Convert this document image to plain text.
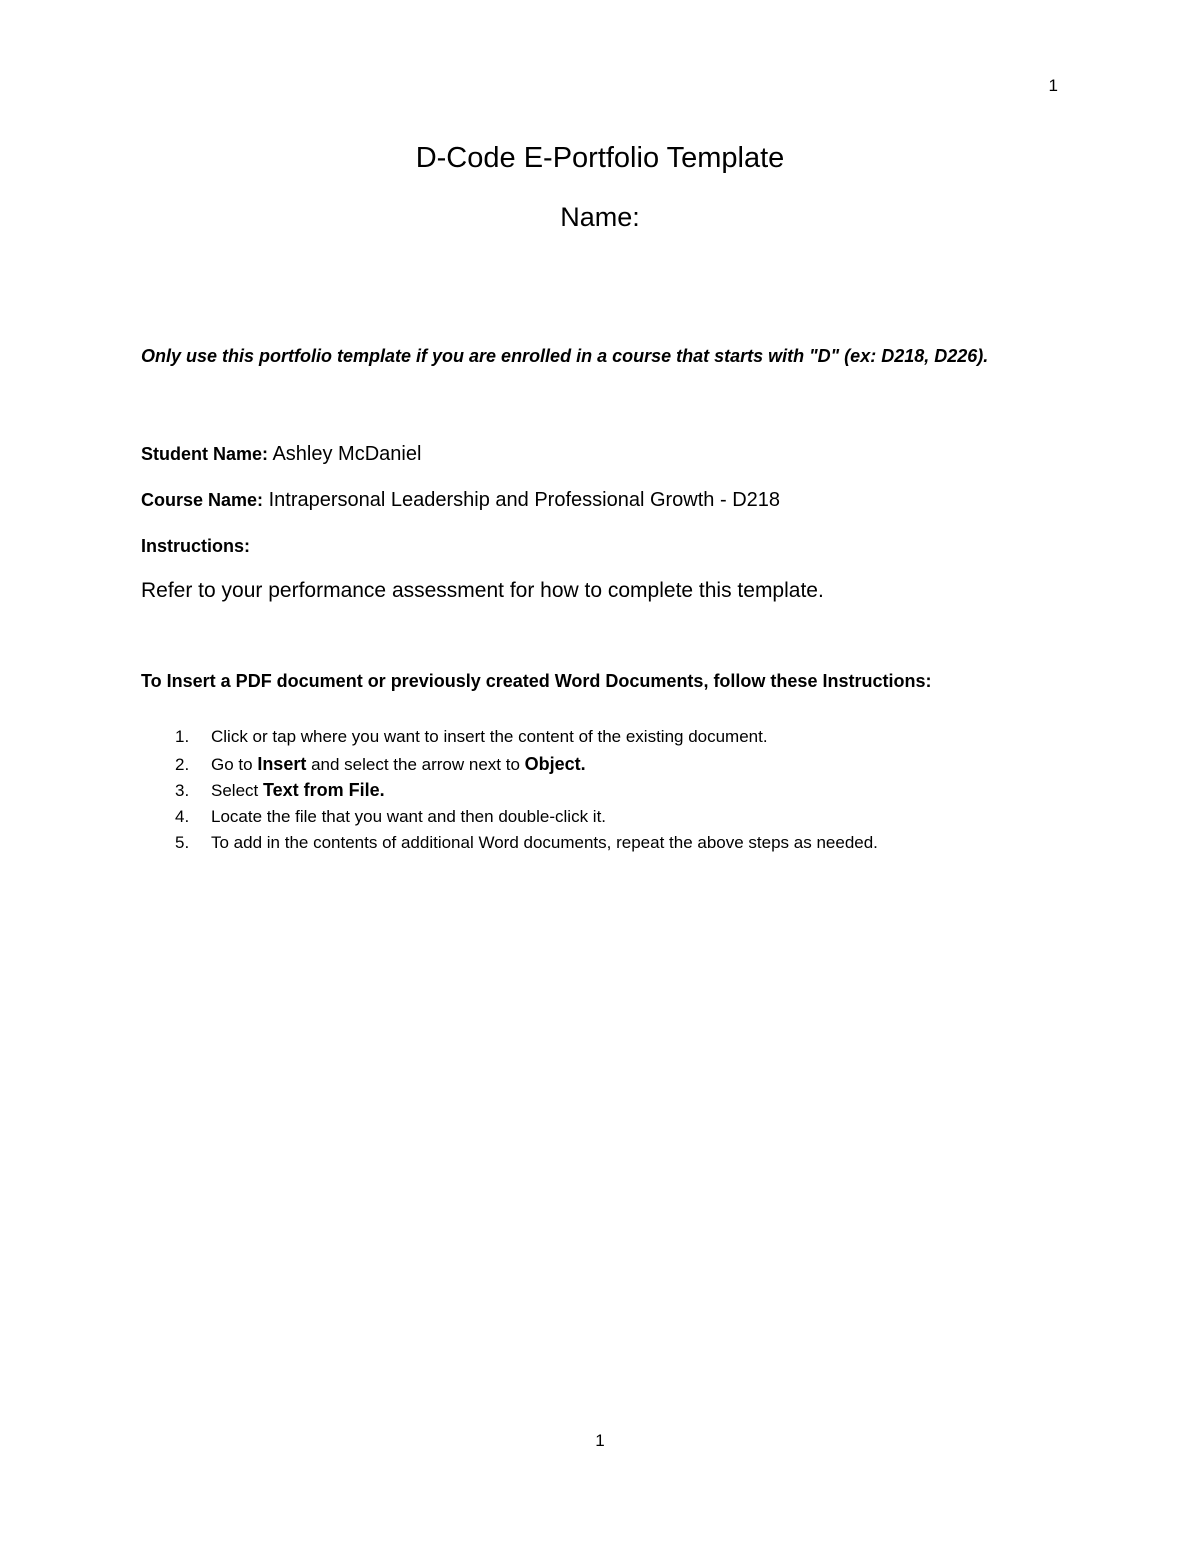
1
D-Code E-Portfolio Template
Name:
Only use this portfolio template if you are enrolled in a course that starts with "D" (ex: D218, D226).
Student Name: Ashley McDaniel
Course Name: Intrapersonal Leadership and Professional Growth - D218
Instructions:
Refer to your performance assessment for how to complete this template.
To Insert a PDF document or previously created Word Documents, follow these Instructions:
1. Click or tap where you want to insert the content of the existing document.
2. Go to Insert and select the arrow next to Object.
3. Select Text from File.
4. Locate the file that you want and then double-click it.
5. To add in the contents of additional Word documents, repeat the above steps as needed.
1
